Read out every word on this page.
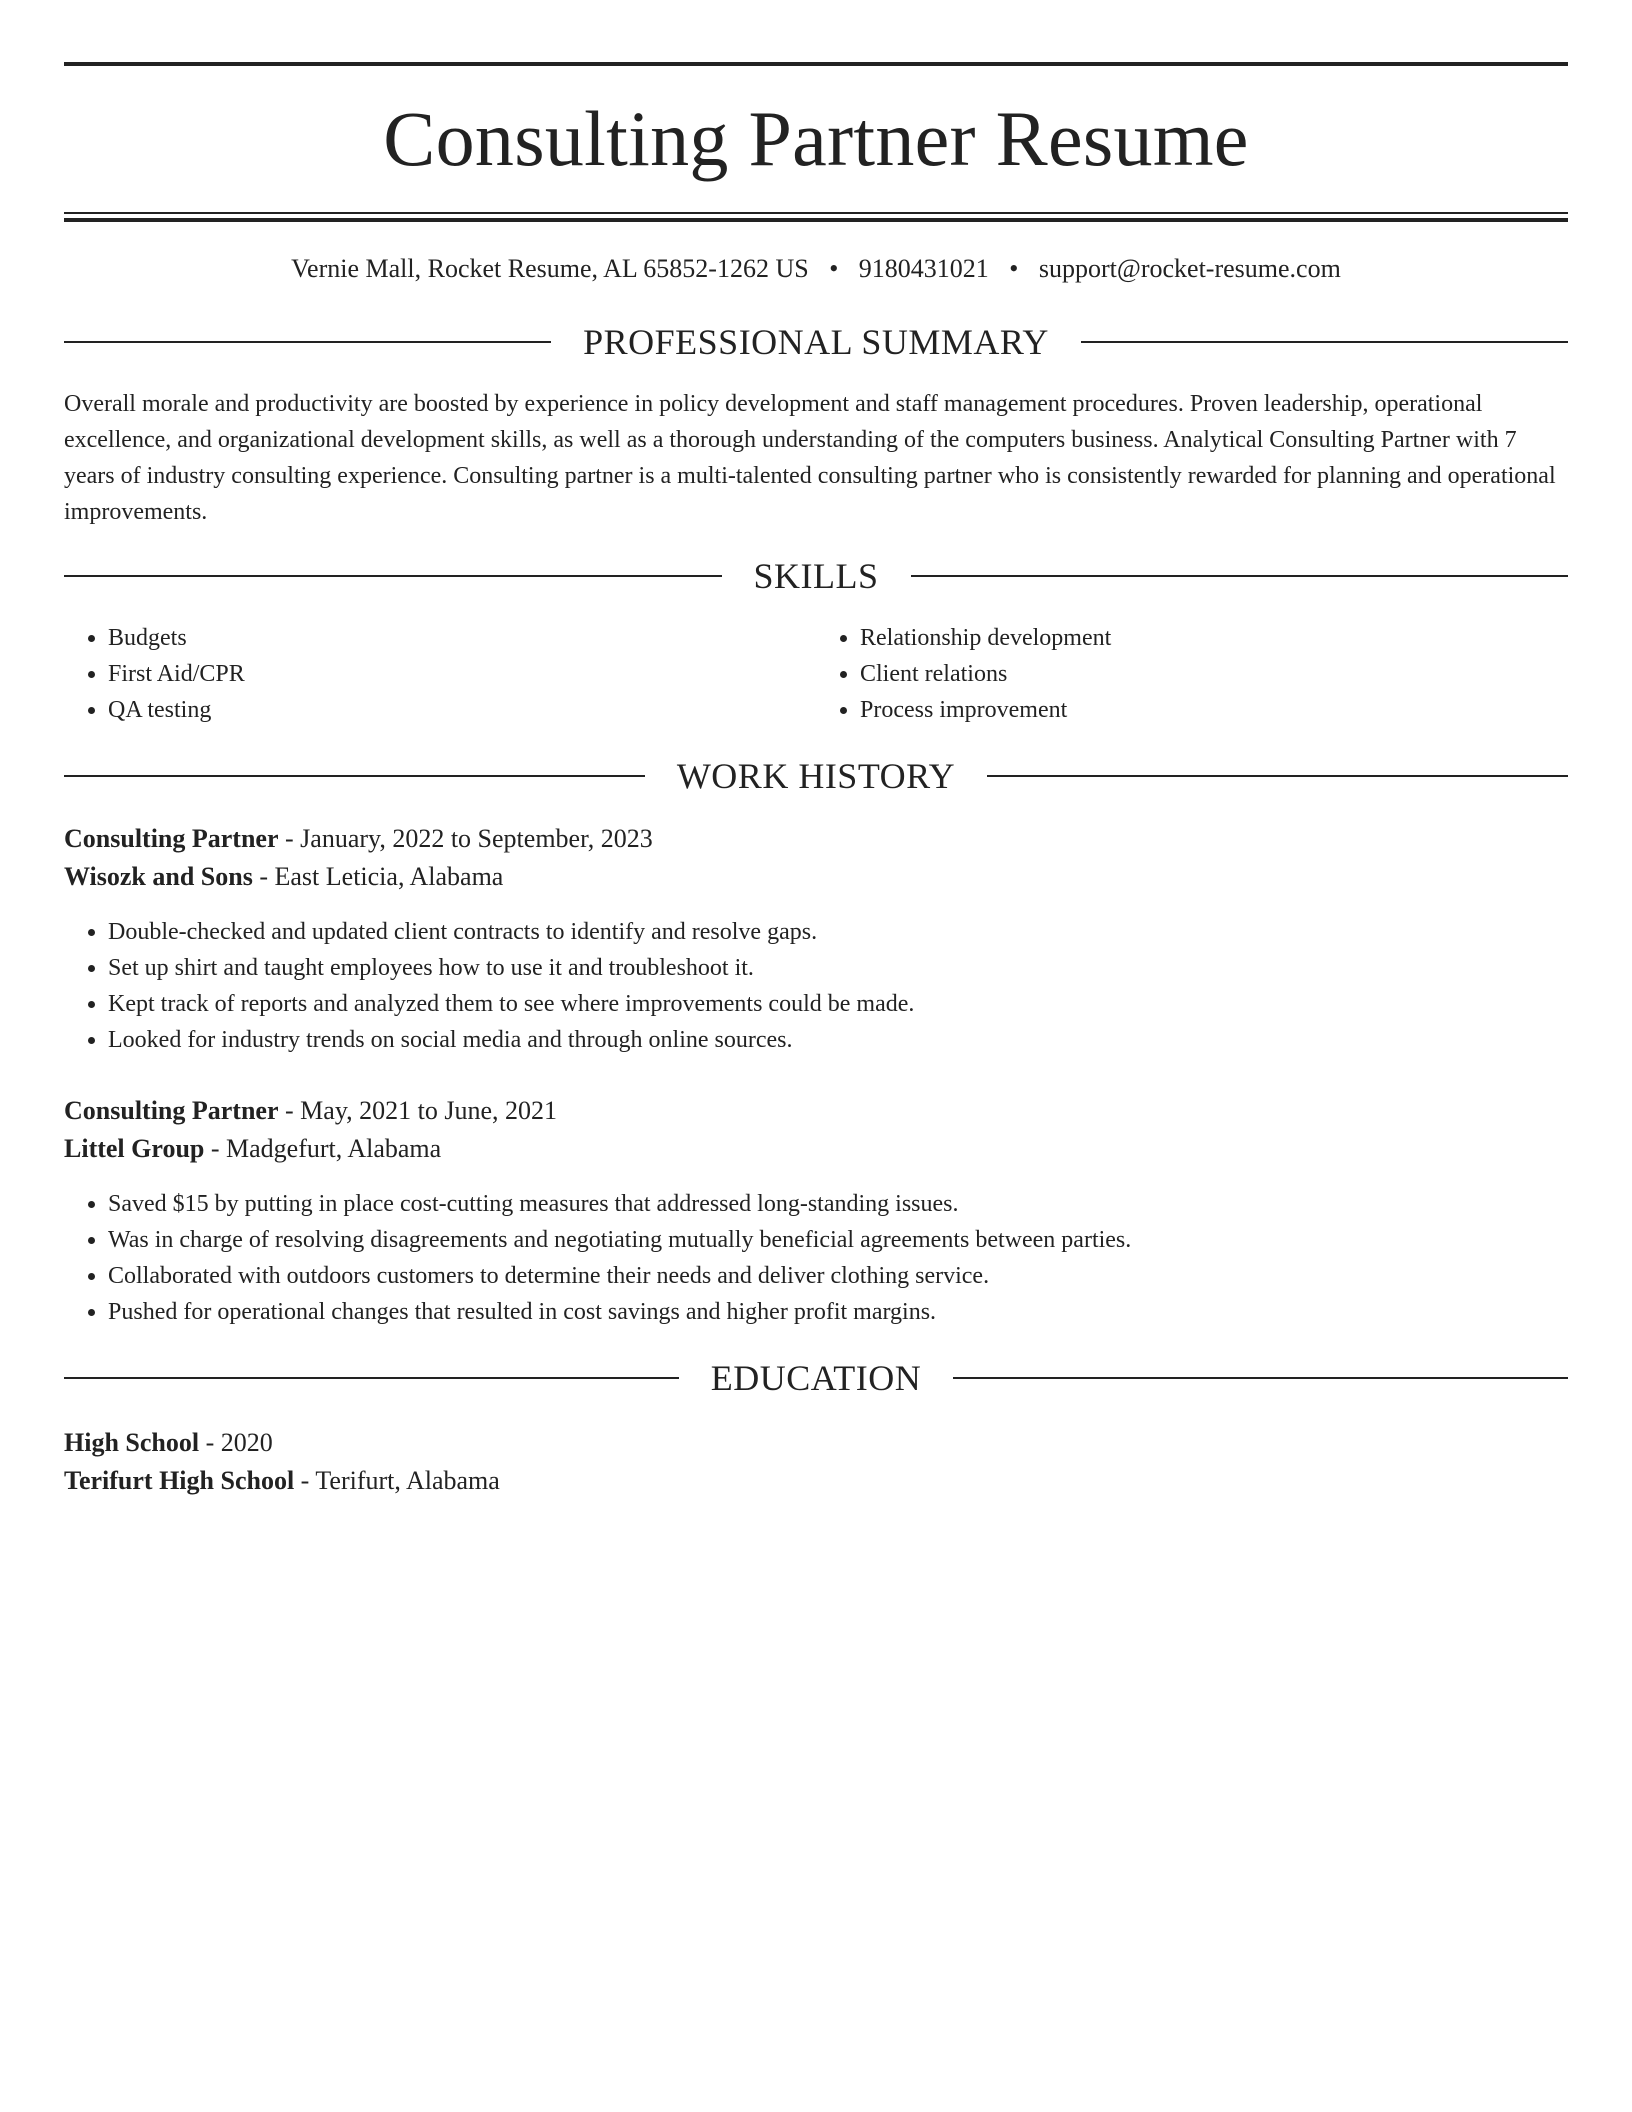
Consulting Partner Resume
Vernie Mall, Rocket Resume, AL 65852-1262 US • 9180431021 • support@rocket-resume.com
PROFESSIONAL SUMMARY

Overall morale and productivity are boosted by experience in policy development and staff management procedures. Proven leadership, operational excellence, and organizational development skills, as well as a thorough understanding of the computers business. Analytical Consulting Partner with 7 years of industry consulting experience. Consulting partner is a multi-talented consulting partner who is consistently rewarded for planning and operational improvements.

SKILLS
• Budgets
• First Aid/CPR
• QA testing
• Relationship development
• Client relations
• Process improvement
WORK HISTORY
Consulting Partner - January, 2022 to September, 2023
Wisozk and Sons - East Leticia, Alabama
• Double-checked and updated client contracts to identify and resolve gaps.
• Set up shirt and taught employees how to use it and troubleshoot it.
• Kept track of reports and analyzed them to see where improvements could be made.
• Looked for industry trends on social media and through online sources.
Consulting Partner - May, 2021 to June, 2021
Littel Group - Madgefurt, Alabama
• Saved $15 by putting in place cost-cutting measures that addressed long-standing issues.
• Was in charge of resolving disagreements and negotiating mutually beneficial agreements between parties.
• Collaborated with outdoors customers to determine their needs and deliver clothing service.
• Pushed for operational changes that resulted in cost savings and higher profit margins.
EDUCATION
High School - 2020
Terifurt High School - Terifurt, Alabama
